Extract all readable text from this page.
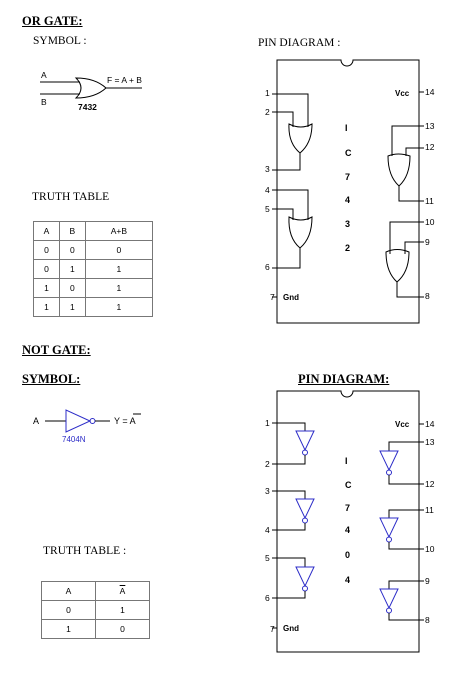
OR GATE:
SYMBOL :	PIN DIAGRAM :
TRUTH TABLE
A
B
F = A + B
7432
A	B	A+B
0	0	0
0	1	1
1	0	1
1	1	1
Vcc
Gnd
I
C
7
4
3
2
1
2
3
4
5
6
7
14
13
12
11
10
9
8
NOT GATE:
SYMBOL:	PIN DIAGRAM:
TRUTH TABLE :
A	Y = A
7404N
A	$\overline{A}$
0	1
1	0
Vcc
Gnd
I
C
7
4
0
4
1
2
3
4
5
6
7
14
13
12
11
10
9
8
